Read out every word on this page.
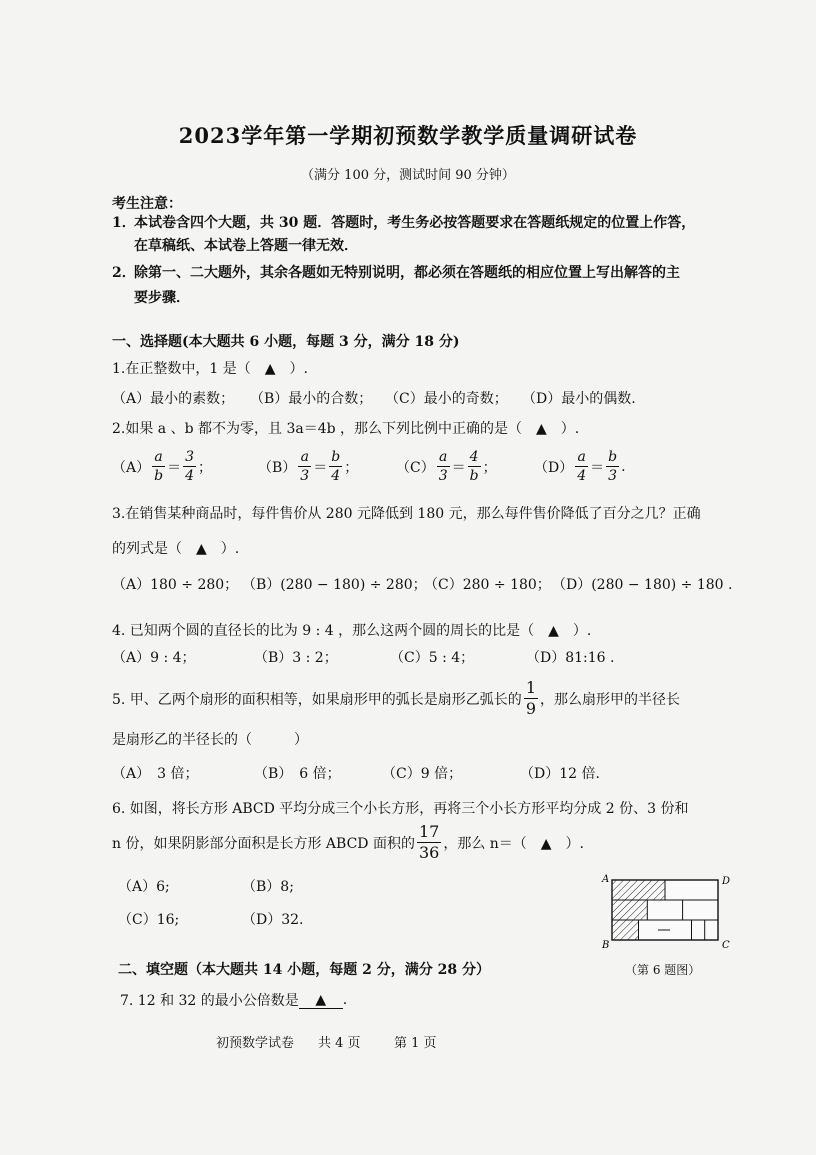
2023学年第一学期初预数学教学质量调研试卷
（满分 100 分，测试时间 90 分钟）
考生注意：
1．
本试卷含四个大题，共 30 题．答题时，考生务必按答题要求在答题纸规定的位置上作答，
在草稿纸、本试卷上答题一律无效．
2．
除第一、二大题外，其余各题如无特别说明，都必须在答题纸的相应位置上写出解答的主
要步骤．
一、选择题(本大题共 6 小题，每题 3 分，满分 18 分)
1.在正整数中，1 是（　▲　）.
（A）最小的素数； （B）最小的合数； （C）最小的奇数； （D）最小的偶数.
2.如果 a 、b 都不为零，且 3a＝4b ，那么下列比例中正确的是（　▲　）.
$(A) \frac{a}{b} = \frac{3}{4}$ ；	$(B) \frac{a}{3} = \frac{b}{4}$ ；	$(C) \frac{a}{3} = \frac{4}{b}$ ；	$(D) \frac{a}{4} = \frac{b}{3}$ .
3.在销售某种商品时，每件售价从 280 元降低到 180 元，那么每件售价降低了百分之几？正确
的列式是（　▲　）.
（A）180 ÷ 280； （B）(280 − 180) ÷ 280；
（C）280 ÷ 180； （D）(280 − 180) ÷ 180 .
4. 已知两个圆的直径长的比为 9 : 4 ，那么这两个圆的周长的比是（　▲　）.
（A）9 : 4；	（B）3 : 2；	（C）5 : 4；	（D）81:16 .
5. 甲、乙两个扇形的面积相等，如果扇形甲的弧长是扇形乙弧长的 $\frac{1}{9}$ ，那么扇形甲的半径长
是扇形乙的半径长的（　　　）
（A）　3 倍；	（B）　6 倍；	（C）9 倍；	（D）12 倍.
6. 如图，将长方形 ABCD 平均分成三个小长方形，再将三个小长方形平均分成 2 份、3 份和
n 份，如果阴影部分面积是长方形 ABCD 面积的 $\frac{17}{36}$ ，那么 n＝（　▲　）.
（A）6;	（B）8;
（C）16;	（D）32.
A	D
B	C
（第 6 题图）
二、填空题（本大题共 14 小题，每题 2 分，满分 28 分）
7. 12 和 32 的最小公倍数是	▲	.
初预数学试卷 共 4 页	第 1 页
